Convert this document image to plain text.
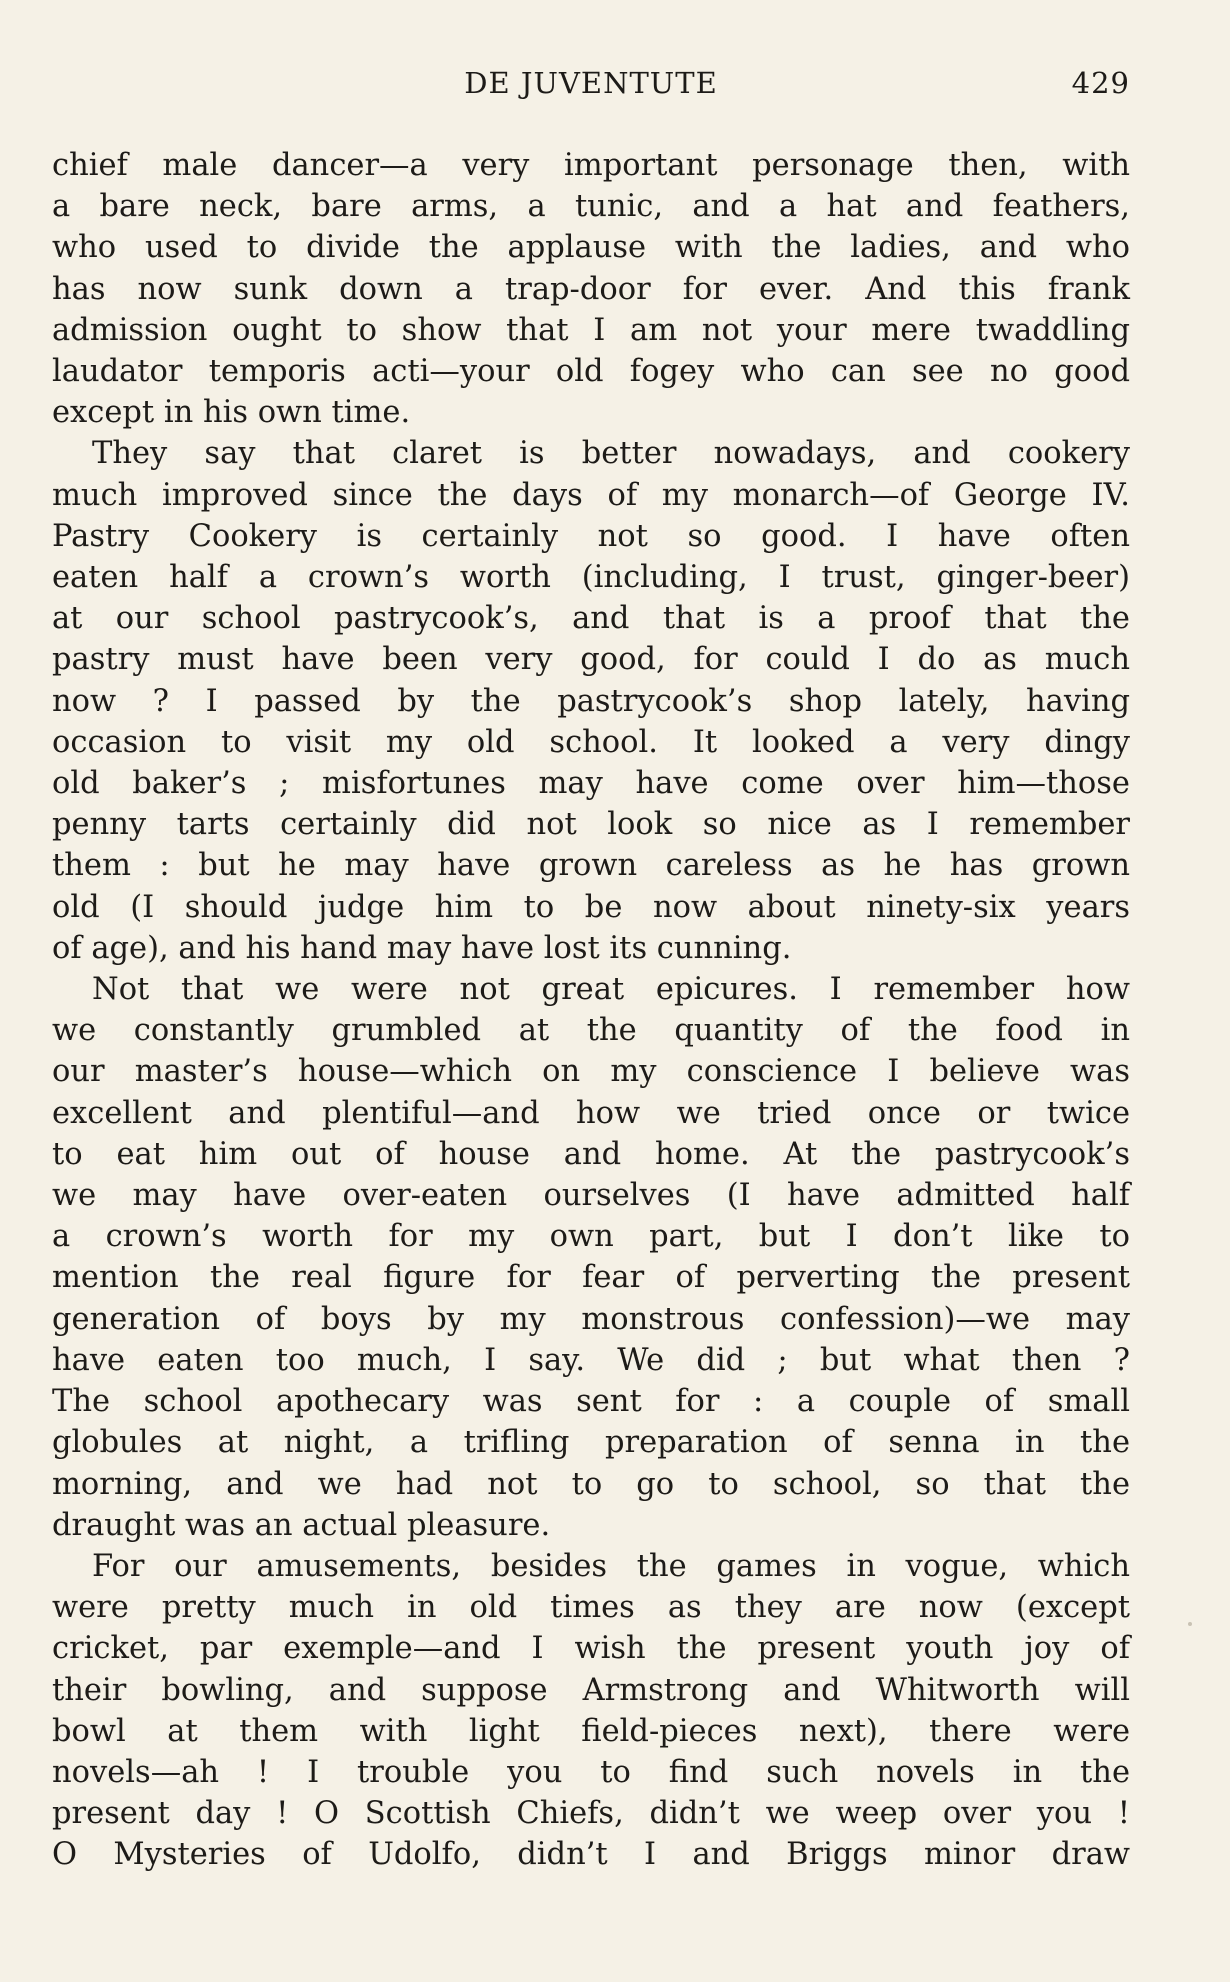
DE JUVENTUTE	429

chief male dancer—a very important personage then, with
a bare neck, bare arms, a tunic, and a hat and feathers,
who used to divide the applause with the ladies, and who
has now sunk down a trap-door for ever. And this frank
admission ought to show that I am not your mere twaddling
laudator temporis acti—your old fogey who can see no good
except in his own time.

They say that claret is better nowadays, and cookery
much improved since the days of my monarch—of George IV.
Pastry Cookery is certainly not so good. I have often
eaten half a crown’s worth (including, I trust, ginger-beer)
at our school pastrycook’s, and that is a proof that the
pastry must have been very good, for could I do as much
now ? I passed by the pastrycook’s shop lately, having
occasion to visit my old school. It looked a very dingy
old baker’s ; misfortunes may have come over him—those
penny tarts certainly did not look so nice as I remember
them : but he may have grown careless as he has grown
old (I should judge him to be now about ninety-six years
of age), and his hand may have lost its cunning.

Not that we were not great epicures. I remember how
we constantly grumbled at the quantity of the food in
our master’s house—which on my conscience I believe was
excellent and plentiful—and how we tried once or twice
to eat him out of house and home. At the pastrycook’s
we may have over-eaten ourselves (I have admitted half
a crown’s worth for my own part, but I don’t like to
mention the real figure for fear of perverting the present
generation of boys by my monstrous confession)—we may
have eaten too much, I say. We did ; but what then ?
The school apothecary was sent for : a couple of small
globules at night, a trifling preparation of senna in the
morning, and we had not to go to school, so that the
draught was an actual pleasure.

For our amusements, besides the games in vogue, which
were pretty much in old times as they are now (except
cricket, par exemple—and I wish the present youth joy of
their bowling, and suppose Armstrong and Whitworth will
bowl at them with light field-pieces next), there were
novels—ah ! I trouble you to find such novels in the
present day ! O Scottish Chiefs, didn’t we weep over you !
O Mysteries of Udolfo, didn’t I and Briggs minor draw
